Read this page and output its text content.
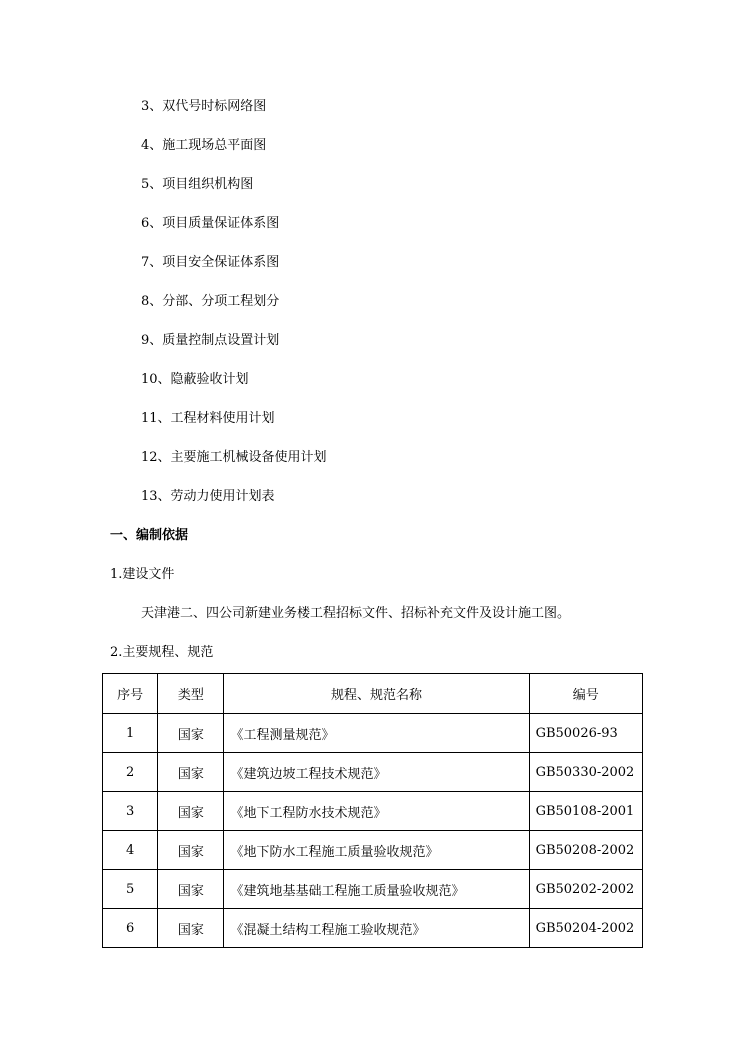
3、双代号时标网络图
4、施工现场总平面图
5、项目组织机构图
6、项目质量保证体系图
7、项目安全保证体系图
8、分部、分项工程划分
9、质量控制点设置计划
10、隐蔽验收计划
11、工程材料使用计划
12、主要施工机械设备使用计划
13、劳动力使用计划表
一、编制依据
1.建设文件
天津港二、四公司新建业务楼工程招标文件、招标补充文件及设计施工图。
2.主要规程、规范
序号	类型	规程、规范名称	编号
1	国家	《工程测量规范》	GB50026-93
2	国家	《建筑边坡工程技术规范》	GB50330-2002
3	国家	《地下工程防水技术规范》	GB50108-2001
4	国家	《地下防水工程施工质量验收规范》	GB50208-2002
5	国家	《建筑地基基础工程施工质量验收规范》	GB50202-2002
6	国家	《混凝土结构工程施工验收规范》	GB50204-2002
